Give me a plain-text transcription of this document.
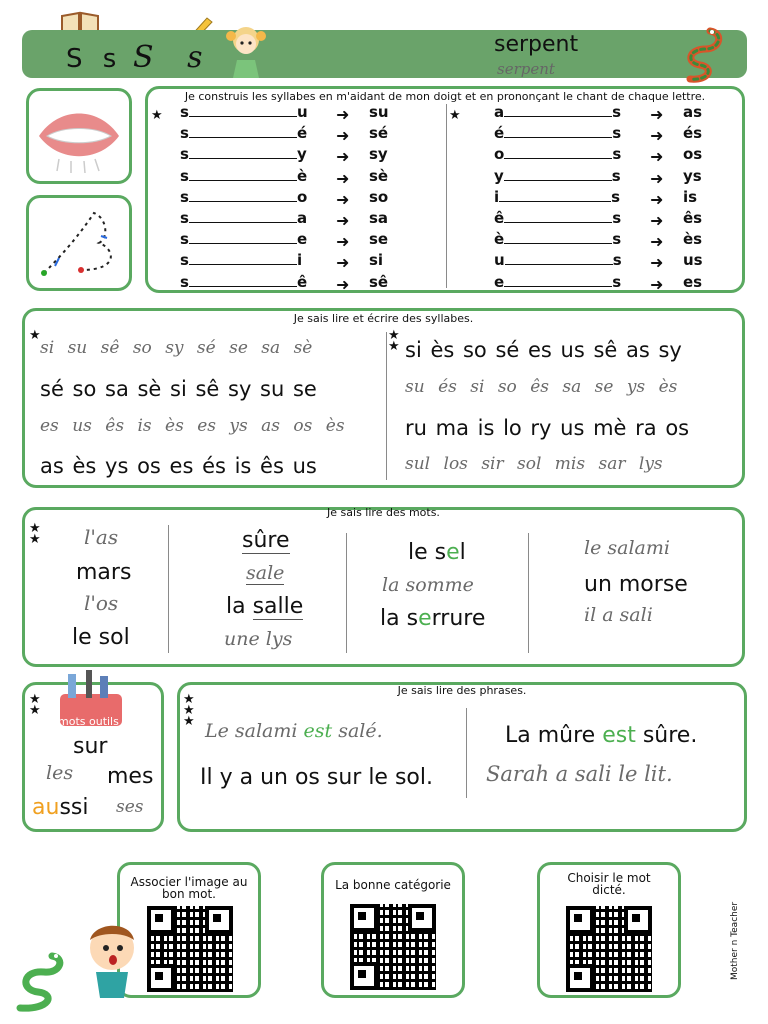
S s S s	serpent
serpent
Je construis les syllabes en m'aidant de mon doigt et en prononçant le chant de chaque lettre.
★	★
s	u ➜ su
s	é ➜ sé
s	y ➜ sy
s	è ➜ sè
s	o ➜ so
s	a ➜ sa
s	e ➜ se
s	i ➜ si
s	ê ➜ sê
a	s ➜ as
é	s ➜ és
o	s ➜ os
y	s ➜ ys
i	s ➜ is
ê	s ➜ ês
è	s ➜ ès
u	s ➜ us
e	s ➜ es
Je sais lire et écrire des syllabes.
★	★
★
si su sê so sy sé se sa sè
sé so sa sè si sê sy su se
es us ês is ès es ys as os ès
as ès ys os es és is ês us
si ès so sé es us sê as sy
su és si so ês sa se ys ès
ru ma is lo ry us mè ra os
sul los sir sol mis sar lys
Je sais lire des mots.
★
★ l'as
mars
l'os
le sol
sûre
sale
la salle
une lys
le sel
la somme
la serrure
le salami
un morse
il a sali
★
★
mots outils
sur
les mes
aussi ses
Je sais lire des phrases.
★
★
★ Le salami est salé.
Il y a un os sur le sol.
La mûre est sûre.
Sarah a sali le lit.
Associer l'image au bon mot.
La bonne catégorie	Choisir le mot dicté.
Mother n Teacher
